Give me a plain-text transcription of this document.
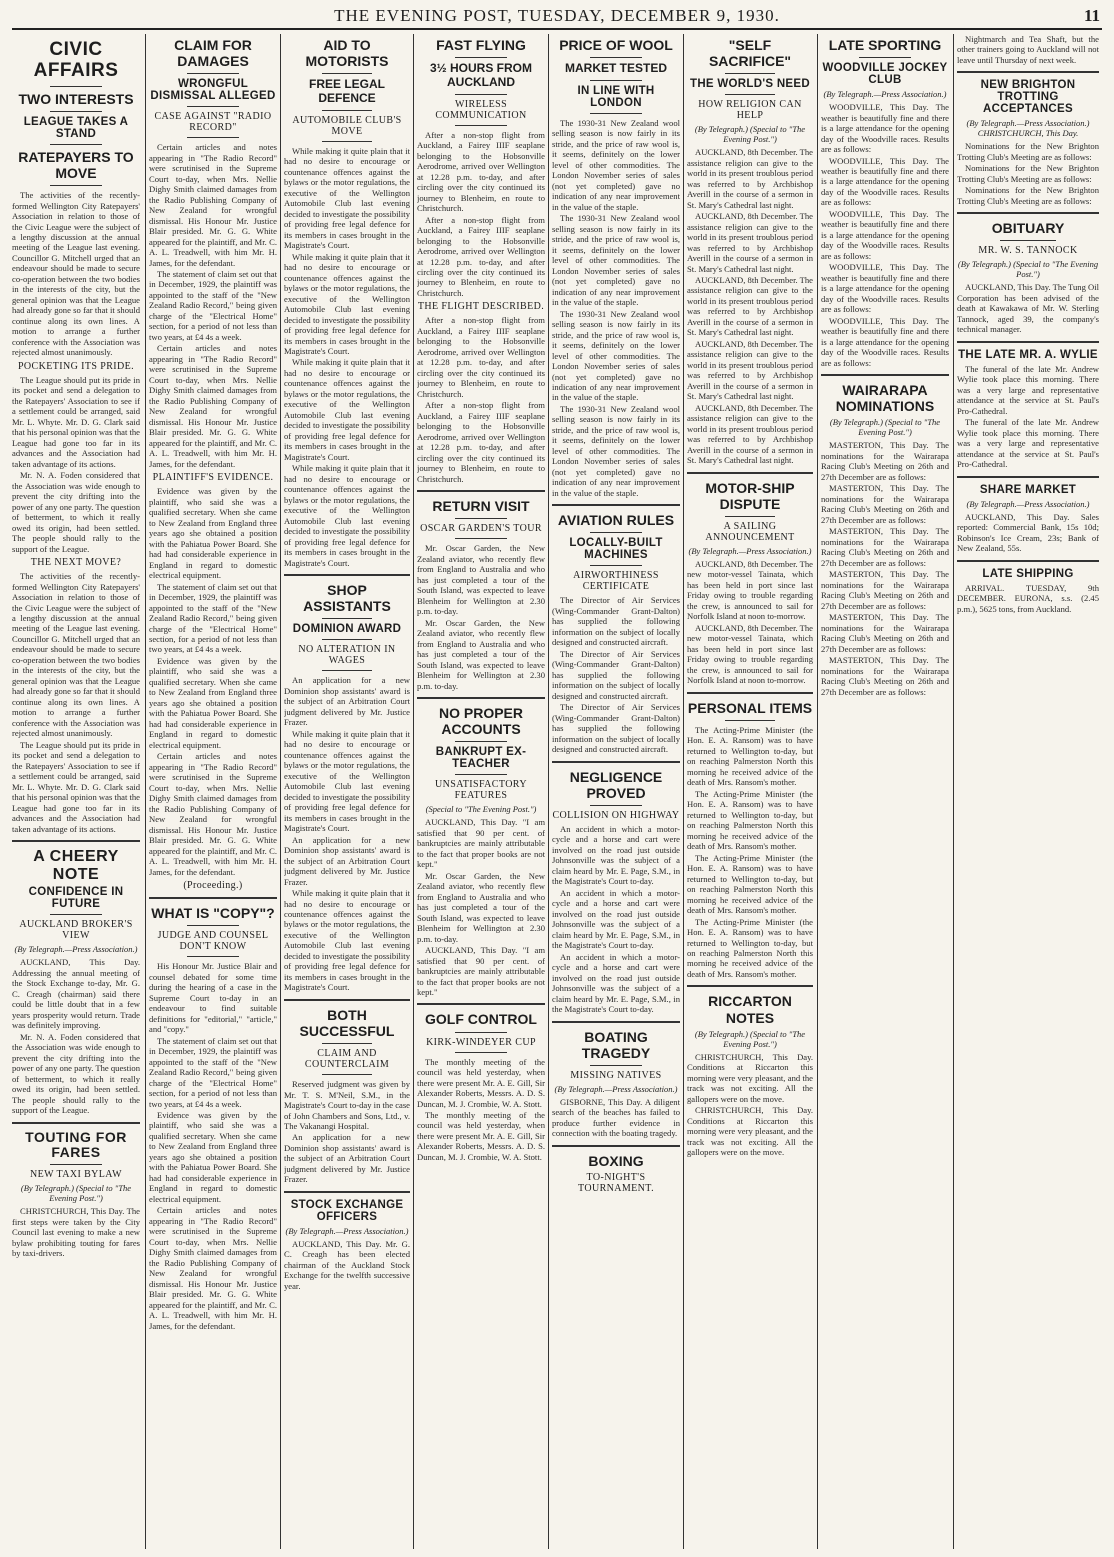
THE EVENING POST, TUESDAY, DECEMBER 9, 1930.	11
CIVIC AFFAIRS
TWO INTERESTS
LEAGUE TAKES A STAND
RATEPAYERS TO MOVE

The activities of the recently-formed Wellington City Ratepayers' Association in relation to those of the Civic League were the subject of a lengthy discussion at the annual meeting of the League last evening. Councillor G. Mitchell urged that an endeavour should be made to secure co-operation between the two bodies in the interests of the city, but the general opinion was that the League had already gone so far that it should continue along its own lines. A motion to arrange a further conference with the Association was rejected almost unanimously.

POCKETING ITS PRIDE.

The League should put its pride in its pocket and send a delegation to the Ratepayers' Association to see if a settlement could be arranged, said Mr. L. Whyte. Mr. D. G. Clark said that his personal opinion was that the League had gone too far in its advances and the Association had taken advantage of its actions.

Mr. N. A. Foden considered that the Association was wide enough to prevent the city drifting into the power of any one party. The question of betterment, to which it really owed its origin, had been settled. The people should rally to the support of the League.

THE NEXT MOVE?

The activities of the recently-formed Wellington City Ratepayers' Association in relation to those of the Civic League were the subject of a lengthy discussion at the annual meeting of the League last evening. Councillor G. Mitchell urged that an endeavour should be made to secure co-operation between the two bodies in the interests of the city, but the general opinion was that the League had already gone so far that it should continue along its own lines. A motion to arrange a further conference with the Association was rejected almost unanimously.

The League should put its pride in its pocket and send a delegation to the Ratepayers' Association to see if a settlement could be arranged, said Mr. L. Whyte. Mr. D. G. Clark said that his personal opinion was that the League had gone too far in its advances and the Association had taken advantage of its actions.

A CHEERY NOTE
CONFIDENCE IN FUTURE
AUCKLAND BROKER'S VIEW
(By Telegraph.—Press Association.)

AUCKLAND, This Day. Addressing the annual meeting of the Stock Exchange to-day, Mr. G. C. Creagh (chairman) said there could be little doubt that in a few years prosperity would return. Trade was definitely improving.

Mr. N. A. Foden considered that the Association was wide enough to prevent the city drifting into the power of any one party. The question of betterment, to which it really owed its origin, had been settled. The people should rally to the support of the League.

TOUTING FOR FARES
NEW TAXI BYLAW
(By Telegraph.) (Special to "The Evening Post.")

CHRISTCHURCH, This Day. The first steps were taken by the City Council last evening to make a new bylaw prohibiting touting for fares by taxi-drivers.

CLAIM FOR DAMAGES
WRONGFUL DISMISSAL ALLEGED
CASE AGAINST "RADIO RECORD"

Certain articles and notes appearing in "The Radio Record" were scrutinised in the Supreme Court to-day, when Mrs. Nellie Dighy Smith claimed damages from the Radio Publishing Company of New Zealand for wrongful dismissal. His Honour Mr. Justice Blair presided. Mr. G. G. White appeared for the plaintiff, and Mr. C. A. L. Treadwell, with him Mr. H. James, for the defendant.

The statement of claim set out that in December, 1929, the plaintiff was appointed to the staff of the "New Zealand Radio Record," being given charge of the "Electrical Home" section, for a period of not less than two years, at £4 4s a week.

Certain articles and notes appearing in "The Radio Record" were scrutinised in the Supreme Court to-day, when Mrs. Nellie Dighy Smith claimed damages from the Radio Publishing Company of New Zealand for wrongful dismissal. His Honour Mr. Justice Blair presided. Mr. G. G. White appeared for the plaintiff, and Mr. C. A. L. Treadwell, with him Mr. H. James, for the defendant.

PLAINTIFF'S EVIDENCE.

Evidence was given by the plaintiff, who said she was a qualified secretary. When she came to New Zealand from England three years ago she obtained a position with the Pahiatua Power Board. She had had considerable experience in England in regard to domestic electrical equipment.

The statement of claim set out that in December, 1929, the plaintiff was appointed to the staff of the "New Zealand Radio Record," being given charge of the "Electrical Home" section, for a period of not less than two years, at £4 4s a week.

Evidence was given by the plaintiff, who said she was a qualified secretary. When she came to New Zealand from England three years ago she obtained a position with the Pahiatua Power Board. She had had considerable experience in England in regard to domestic electrical equipment.

Certain articles and notes appearing in "The Radio Record" were scrutinised in the Supreme Court to-day, when Mrs. Nellie Dighy Smith claimed damages from the Radio Publishing Company of New Zealand for wrongful dismissal. His Honour Mr. Justice Blair presided. Mr. G. G. White appeared for the plaintiff, and Mr. C. A. L. Treadwell, with him Mr. H. James, for the defendant.

(Proceeding.)
WHAT IS "COPY"?
JUDGE AND COUNSEL DON'T KNOW

His Honour Mr. Justice Blair and counsel debated for some time during the hearing of a case in the Supreme Court to-day in an endeavour to find suitable definitions for "editorial," "article," and "copy."

The statement of claim set out that in December, 1929, the plaintiff was appointed to the staff of the "New Zealand Radio Record," being given charge of the "Electrical Home" section, for a period of not less than two years, at £4 4s a week.

Evidence was given by the plaintiff, who said she was a qualified secretary. When she came to New Zealand from England three years ago she obtained a position with the Pahiatua Power Board. She had had considerable experience in England in regard to domestic electrical equipment.

Certain articles and notes appearing in "The Radio Record" were scrutinised in the Supreme Court to-day, when Mrs. Nellie Dighy Smith claimed damages from the Radio Publishing Company of New Zealand for wrongful dismissal. His Honour Mr. Justice Blair presided. Mr. G. G. White appeared for the plaintiff, and Mr. C. A. L. Treadwell, with him Mr. H. James, for the defendant.

AID TO MOTORISTS
FREE LEGAL DEFENCE
AUTOMOBILE CLUB'S MOVE

While making it quite plain that it had no desire to encourage or countenance offences against the bylaws or the motor regulations, the executive of the Wellington Automobile Club last evening decided to investigate the possibility of providing free legal defence for its members in cases brought in the Magistrate's Court.

While making it quite plain that it had no desire to encourage or countenance offences against the bylaws or the motor regulations, the executive of the Wellington Automobile Club last evening decided to investigate the possibility of providing free legal defence for its members in cases brought in the Magistrate's Court.

While making it quite plain that it had no desire to encourage or countenance offences against the bylaws or the motor regulations, the executive of the Wellington Automobile Club last evening decided to investigate the possibility of providing free legal defence for its members in cases brought in the Magistrate's Court.

While making it quite plain that it had no desire to encourage or countenance offences against the bylaws or the motor regulations, the executive of the Wellington Automobile Club last evening decided to investigate the possibility of providing free legal defence for its members in cases brought in the Magistrate's Court.

SHOP ASSISTANTS
DOMINION AWARD
NO ALTERATION IN WAGES

An application for a new Dominion shop assistants' award is the subject of an Arbitration Court judgment delivered by Mr. Justice Frazer.

While making it quite plain that it had no desire to encourage or countenance offences against the bylaws or the motor regulations, the executive of the Wellington Automobile Club last evening decided to investigate the possibility of providing free legal defence for its members in cases brought in the Magistrate's Court.

An application for a new Dominion shop assistants' award is the subject of an Arbitration Court judgment delivered by Mr. Justice Frazer.

While making it quite plain that it had no desire to encourage or countenance offences against the bylaws or the motor regulations, the executive of the Wellington Automobile Club last evening decided to investigate the possibility of providing free legal defence for its members in cases brought in the Magistrate's Court.

BOTH SUCCESSFUL
CLAIM AND COUNTERCLAIM

Reserved judgment was given by Mr. T. S. M'Neil, S.M., in the Magistrate's Court to-day in the case of John Chambers and Sons, Ltd., v. The Vakanangi Hospital.

An application for a new Dominion shop assistants' award is the subject of an Arbitration Court judgment delivered by Mr. Justice Frazer.

STOCK EXCHANGE OFFICERS
(By Telegraph.—Press Association.)

AUCKLAND, This Day. Mr. G. C. Creagh has been elected chairman of the Auckland Stock Exchange for the twelfth successive year.

FAST FLYING
3½ HOURS FROM AUCKLAND
WIRELESS COMMUNICATION

After a non-stop flight from Auckland, a Fairey IIIF seaplane belonging to the Hobsonville Aerodrome, arrived over Wellington at 12.28 p.m. to-day, and after circling over the city continued its journey to Blenheim, en route to Christchurch.

After a non-stop flight from Auckland, a Fairey IIIF seaplane belonging to the Hobsonville Aerodrome, arrived over Wellington at 12.28 p.m. to-day, and after circling over the city continued its journey to Blenheim, en route to Christchurch.

THE FLIGHT DESCRIBED.

After a non-stop flight from Auckland, a Fairey IIIF seaplane belonging to the Hobsonville Aerodrome, arrived over Wellington at 12.28 p.m. to-day, and after circling over the city continued its journey to Blenheim, en route to Christchurch.

After a non-stop flight from Auckland, a Fairey IIIF seaplane belonging to the Hobsonville Aerodrome, arrived over Wellington at 12.28 p.m. to-day, and after circling over the city continued its journey to Blenheim, en route to Christchurch.

RETURN VISIT
OSCAR GARDEN'S TOUR

Mr. Oscar Garden, the New Zealand aviator, who recently flew from England to Australia and who has just completed a tour of the South Island, was expected to leave Blenheim for Wellington at 2.30 p.m. to-day.

Mr. Oscar Garden, the New Zealand aviator, who recently flew from England to Australia and who has just completed a tour of the South Island, was expected to leave Blenheim for Wellington at 2.30 p.m. to-day.

NO PROPER ACCOUNTS
BANKRUPT EX-TEACHER
UNSATISFACTORY FEATURES
(Special to "The Evening Post.")

AUCKLAND, This Day. "I am satisfied that 90 per cent. of bankruptcies are mainly attributable to the fact that proper books are not kept."

Mr. Oscar Garden, the New Zealand aviator, who recently flew from England to Australia and who has just completed a tour of the South Island, was expected to leave Blenheim for Wellington at 2.30 p.m. to-day.

AUCKLAND, This Day. "I am satisfied that 90 per cent. of bankruptcies are mainly attributable to the fact that proper books are not kept."

GOLF CONTROL
KIRK-WINDEYER CUP

The monthly meeting of the council was held yesterday, when there were present Mr. A. E. Gill, Sir Alexander Roberts, Messrs. A. D. S. Duncan, M. J. Crombie, W. A. Stott.

The monthly meeting of the council was held yesterday, when there were present Mr. A. E. Gill, Sir Alexander Roberts, Messrs. A. D. S. Duncan, M. J. Crombie, W. A. Stott.

PRICE OF WOOL
MARKET TESTED
IN LINE WITH LONDON

The 1930-31 New Zealand wool selling season is now fairly in its stride, and the price of raw wool is, it seems, definitely on the lower level of other commodities. The London November series of sales (not yet completed) gave no indication of any near improvement in the value of the staple.

The 1930-31 New Zealand wool selling season is now fairly in its stride, and the price of raw wool is, it seems, definitely on the lower level of other commodities. The London November series of sales (not yet completed) gave no indication of any near improvement in the value of the staple.

The 1930-31 New Zealand wool selling season is now fairly in its stride, and the price of raw wool is, it seems, definitely on the lower level of other commodities. The London November series of sales (not yet completed) gave no indication of any near improvement in the value of the staple.

The 1930-31 New Zealand wool selling season is now fairly in its stride, and the price of raw wool is, it seems, definitely on the lower level of other commodities. The London November series of sales (not yet completed) gave no indication of any near improvement in the value of the staple.

AVIATION RULES
LOCALLY-BUILT MACHINES
AIRWORTHINESS CERTIFICATE

The Director of Air Services (Wing-Commander Grant-Dalton) has supplied the following information on the subject of locally designed and constructed aircraft.

The Director of Air Services (Wing-Commander Grant-Dalton) has supplied the following information on the subject of locally designed and constructed aircraft.

The Director of Air Services (Wing-Commander Grant-Dalton) has supplied the following information on the subject of locally designed and constructed aircraft.

NEGLIGENCE PROVED
COLLISION ON HIGHWAY

An accident in which a motor-cycle and a horse and cart were involved on the road just outside Johnsonville was the subject of a claim heard by Mr. E. Page, S.M., in the Magistrate's Court to-day.

An accident in which a motor-cycle and a horse and cart were involved on the road just outside Johnsonville was the subject of a claim heard by Mr. E. Page, S.M., in the Magistrate's Court to-day.

An accident in which a motor-cycle and a horse and cart were involved on the road just outside Johnsonville was the subject of a claim heard by Mr. E. Page, S.M., in the Magistrate's Court to-day.

BOATING TRAGEDY
MISSING NATIVES
(By Telegraph.—Press Association.)

GISBORNE, This Day. A diligent search of the beaches has failed to produce further evidence in connection with the boating tragedy.

BOXING
TO-NIGHT'S TOURNAMENT.
"SELF SACRIFICE"
THE WORLD'S NEED
HOW RELIGION CAN HELP
(By Telegraph.) (Special to "The Evening Post.")

AUCKLAND, 8th December. The assistance religion can give to the world in its present troublous period was referred to by Archbishop Averill in the course of a sermon in St. Mary's Cathedral last night.

AUCKLAND, 8th December. The assistance religion can give to the world in its present troublous period was referred to by Archbishop Averill in the course of a sermon in St. Mary's Cathedral last night.

AUCKLAND, 8th December. The assistance religion can give to the world in its present troublous period was referred to by Archbishop Averill in the course of a sermon in St. Mary's Cathedral last night.

AUCKLAND, 8th December. The assistance religion can give to the world in its present troublous period was referred to by Archbishop Averill in the course of a sermon in St. Mary's Cathedral last night.

AUCKLAND, 8th December. The assistance religion can give to the world in its present troublous period was referred to by Archbishop Averill in the course of a sermon in St. Mary's Cathedral last night.

MOTOR-SHIP DISPUTE
A SAILING ANNOUNCEMENT
(By Telegraph.—Press Association.)

AUCKLAND, 8th December. The new motor-vessel Tainata, which has been held in port since last Friday owing to trouble regarding the crew, is announced to sail for Norfolk Island at noon to-morrow.

AUCKLAND, 8th December. The new motor-vessel Tainata, which has been held in port since last Friday owing to trouble regarding the crew, is announced to sail for Norfolk Island at noon to-morrow.

PERSONAL ITEMS

The Acting-Prime Minister (the Hon. E. A. Ransom) was to have returned to Wellington to-day, but on reaching Palmerston North this morning he received advice of the death of Mrs. Ransom's mother.

The Acting-Prime Minister (the Hon. E. A. Ransom) was to have returned to Wellington to-day, but on reaching Palmerston North this morning he received advice of the death of Mrs. Ransom's mother.

The Acting-Prime Minister (the Hon. E. A. Ransom) was to have returned to Wellington to-day, but on reaching Palmerston North this morning he received advice of the death of Mrs. Ransom's mother.

The Acting-Prime Minister (the Hon. E. A. Ransom) was to have returned to Wellington to-day, but on reaching Palmerston North this morning he received advice of the death of Mrs. Ransom's mother.

RICCARTON NOTES
(By Telegraph.) (Special to "The Evening Post.")

CHRISTCHURCH, This Day. Conditions at Riccarton this morning were very pleasant, and the track was not exciting. All the gallopers were on the move.

CHRISTCHURCH, This Day. Conditions at Riccarton this morning were very pleasant, and the track was not exciting. All the gallopers were on the move.

LATE SPORTING
WOODVILLE JOCKEY CLUB
(By Telegraph.—Press Association.)

WOODVILLE, This Day. The weather is beautifully fine and there is a large attendance for the opening day of the Woodville races. Results are as follows:

WOODVILLE, This Day. The weather is beautifully fine and there is a large attendance for the opening day of the Woodville races. Results are as follows:

WOODVILLE, This Day. The weather is beautifully fine and there is a large attendance for the opening day of the Woodville races. Results are as follows:

WOODVILLE, This Day. The weather is beautifully fine and there is a large attendance for the opening day of the Woodville races. Results are as follows:

WOODVILLE, This Day. The weather is beautifully fine and there is a large attendance for the opening day of the Woodville races. Results are as follows:

WAIRARAPA NOMINATIONS
(By Telegraph.) (Special to "The Evening Post.")

MASTERTON, This Day. The nominations for the Wairarapa Racing Club's Meeting on 26th and 27th December are as follows:

MASTERTON, This Day. The nominations for the Wairarapa Racing Club's Meeting on 26th and 27th December are as follows:

MASTERTON, This Day. The nominations for the Wairarapa Racing Club's Meeting on 26th and 27th December are as follows:

MASTERTON, This Day. The nominations for the Wairarapa Racing Club's Meeting on 26th and 27th December are as follows:

MASTERTON, This Day. The nominations for the Wairarapa Racing Club's Meeting on 26th and 27th December are as follows:

MASTERTON, This Day. The nominations for the Wairarapa Racing Club's Meeting on 26th and 27th December are as follows:

Nightmarch and Tea Shaft, but the other trainers going to Auckland will not leave until Thursday of next week.

NEW BRIGHTON TROTTING ACCEPTANCES
(By Telegraph.—Press Association.) CHRISTCHURCH, This Day.

Nominations for the New Brighton Trotting Club's Meeting are as follows:

Nominations for the New Brighton Trotting Club's Meeting are as follows:

Nominations for the New Brighton Trotting Club's Meeting are as follows:

OBITUARY
MR. W. S. TANNOCK
(By Telegraph.) (Special to "The Evening Post.")

AUCKLAND, This Day. The Tung Oil Corporation has been advised of the death at Kawakawa of Mr. W. Sterling Tannock, aged 39, the company's technical manager.

THE LATE MR. A. WYLIE

The funeral of the late Mr. Andrew Wylie took place this morning. There was a very large and representative attendance at the service at St. Paul's Pro-Cathedral.

The funeral of the late Mr. Andrew Wylie took place this morning. There was a very large and representative attendance at the service at St. Paul's Pro-Cathedral.

SHARE MARKET
(By Telegraph.—Press Association.)

AUCKLAND, This Day. Sales reported: Commercial Bank, 15s 10d; Robinson's Ice Cream, 23s; Bank of New Zealand, 55s.

LATE SHIPPING

ARRIVAL. TUESDAY, 9th DECEMBER. EURONA, s.s. (2.45 p.m.), 5625 tons, from Auckland.
